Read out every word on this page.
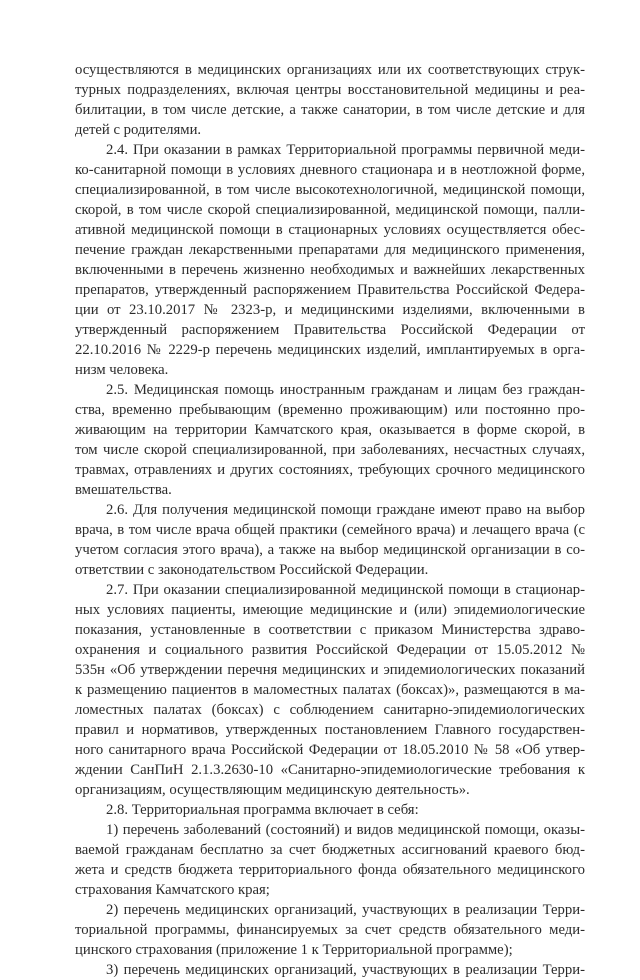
осуществляются в медицинских организациях или их соответствующих струк-
турных подразделениях, включая центры восстановительной медицины и реа-
билитации, в том числе детские, а также санатории, в том числе детские и для
детей с родителями.
2.4. При оказании в рамках Территориальной программы первичной меди-
ко-санитарной помощи в условиях дневного стационара и в неотложной форме,
специализированной, в том числе высокотехнологичной, медицинской помощи,
скорой, в том числе скорой специализированной, медицинской помощи, палли-
ативной медицинской помощи в стационарных условиях осуществляется обес-
печение граждан лекарственными препаратами для медицинского применения,
включенными в перечень жизненно необходимых и важнейших лекарственных
препаратов, утвержденный распоряжением Правительства Российской Федера-
ции от 23.10.2017 № 2323-р, и медицинскими изделиями, включенными в
утвержденный распоряжением Правительства Российской Федерации от
22.10.2016 № 2229-р перечень медицинских изделий, имплантируемых в орга-
низм человека.
2.5. Медицинская помощь иностранным гражданам и лицам без граждан-
ства, временно пребывающим (временно проживающим) или постоянно про-
живающим на территории Камчатского края, оказывается в форме скорой, в
том числе скорой специализированной, при заболеваниях, несчастных случаях,
травмах, отравлениях и других состояниях, требующих срочного медицинского
вмешательства.
2.6. Для получения медицинской помощи граждане имеют право на выбор
врача, в том числе врача общей практики (семейного врача) и лечащего врача (с
учетом согласия этого врача), а также на выбор медицинской организации в со-
ответствии с законодательством Российской Федерации.
2.7. При оказании специализированной медицинской помощи в стационар-
ных условиях пациенты, имеющие медицинские и (или) эпидемиологические
показания, установленные в соответствии с приказом Министерства здраво-
охранения и социального развития Российской Федерации от 15.05.2012 №
535н «Об утверждении перечня медицинских и эпидемиологических показаний
к размещению пациентов в маломестных палатах (боксах)», размещаются в ма-
ломестных палатах (боксах) с соблюдением санитарно-эпидемиологических
правил и нормативов, утвержденных постановлением Главного государствен-
ного санитарного врача Российской Федерации от 18.05.2010 № 58 «Об утвер-
ждении СанПиН 2.1.3.2630-10 «Санитарно-эпидемиологические требования к
организациям, осуществляющим медицинскую деятельность».
2.8. Территориальная программа включает в себя:
1) перечень заболеваний (состояний) и видов медицинской помощи, оказы-
ваемой гражданам бесплатно за счет бюджетных ассигнований краевого бюд-
жета и средств бюджета территориального фонда обязательного медицинского
страхования Камчатского края;
2) перечень медицинских организаций, участвующих в реализации Терри-
ториальной программы, финансируемых за счет средств обязательного меди-
цинского страхования (приложение 1 к Территориальной программе);
3) перечень медицинских организаций, участвующих в реализации Терри-
